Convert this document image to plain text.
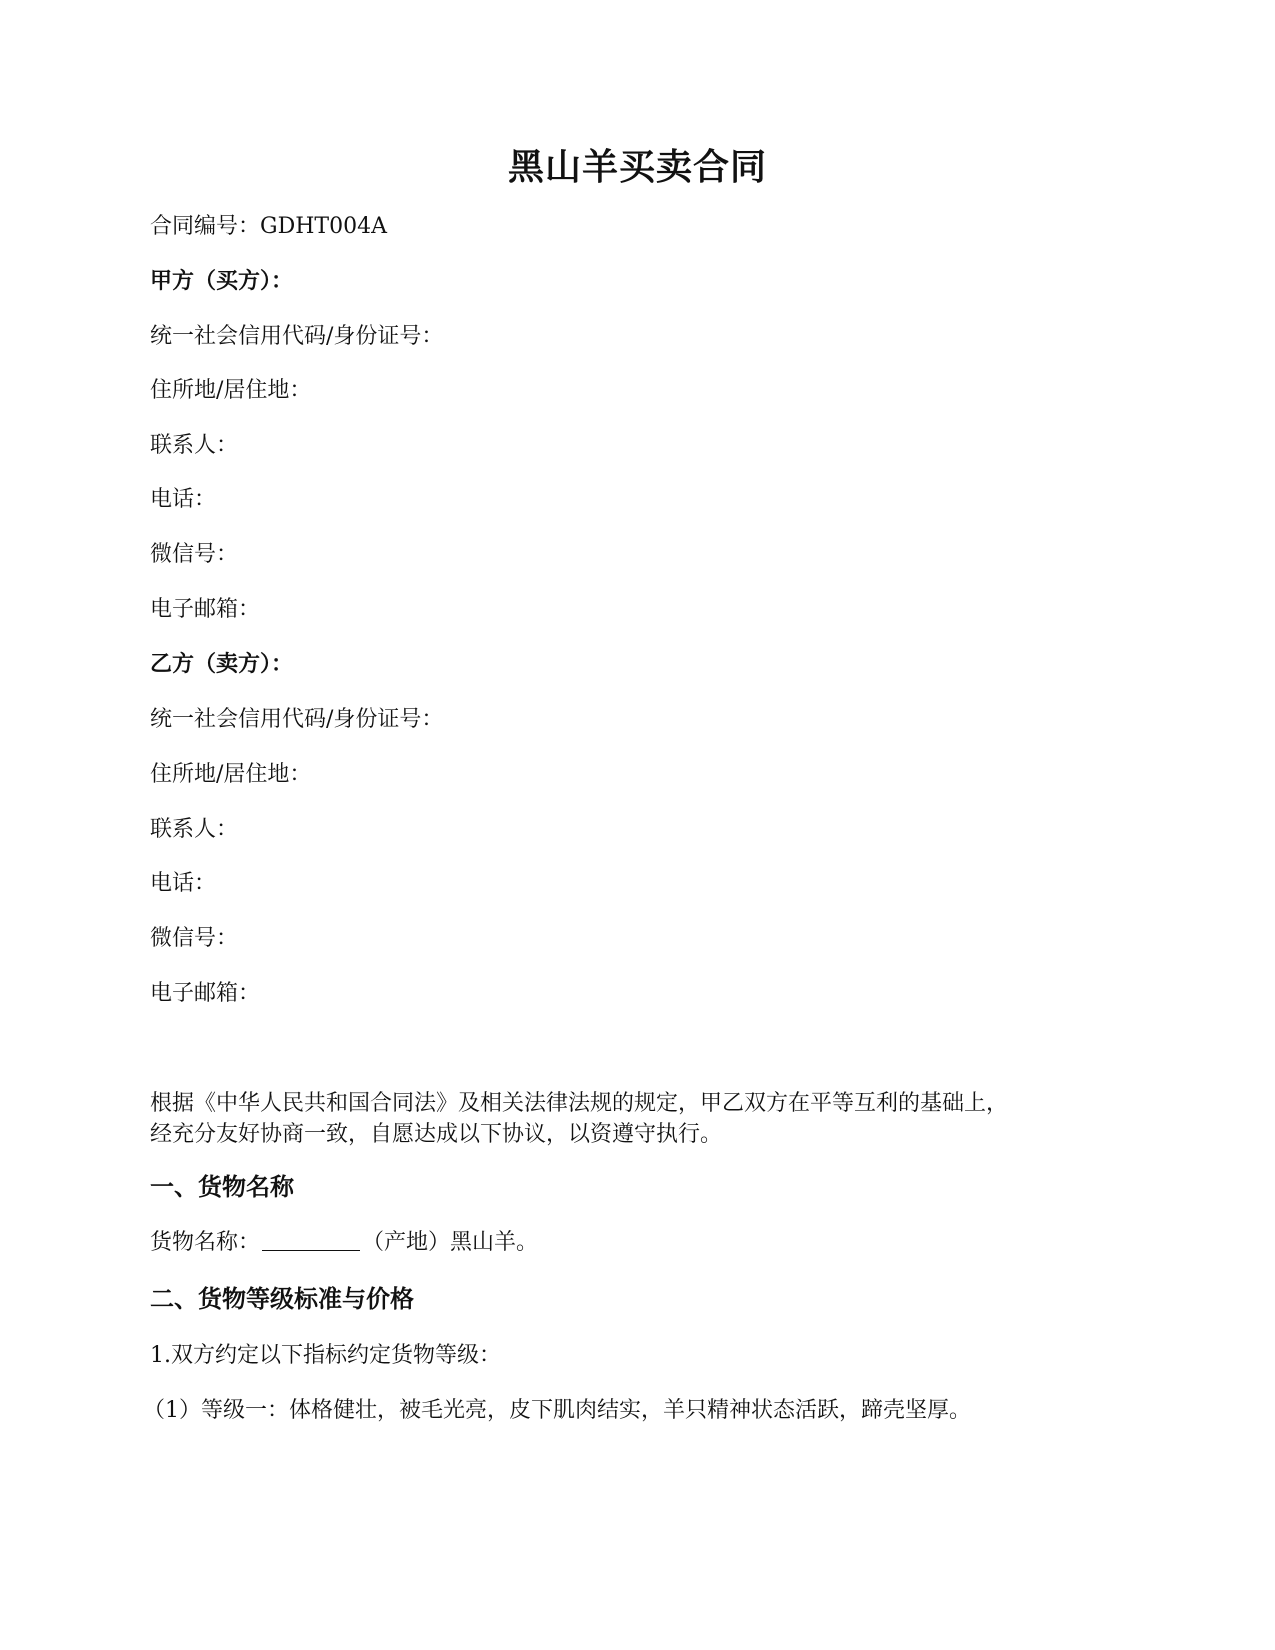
黑山羊买卖合同
合同编号：GDHT004A
甲方（买方）：
统一社会信用代码/身份证号：
住所地/居住地：
联系人：
电话：
微信号：
电子邮箱：
乙方（卖方）：
统一社会信用代码/身份证号：
住所地/居住地：
联系人：
电话：
微信号：
电子邮箱：
根据《中华人民共和国合同法》及相关法律法规的规定，甲乙双方在平等互利的基础上，
经充分友好协商一致，自愿达成以下协议，以资遵守执行。
一、货物名称
货物名称：	（产地）黑山羊。
二、货物等级标准与价格
1.双方约定以下指标约定货物等级：
（1）等级一：体格健壮，被毛光亮，皮下肌肉结实，羊只精神状态活跃，蹄壳坚厚。
